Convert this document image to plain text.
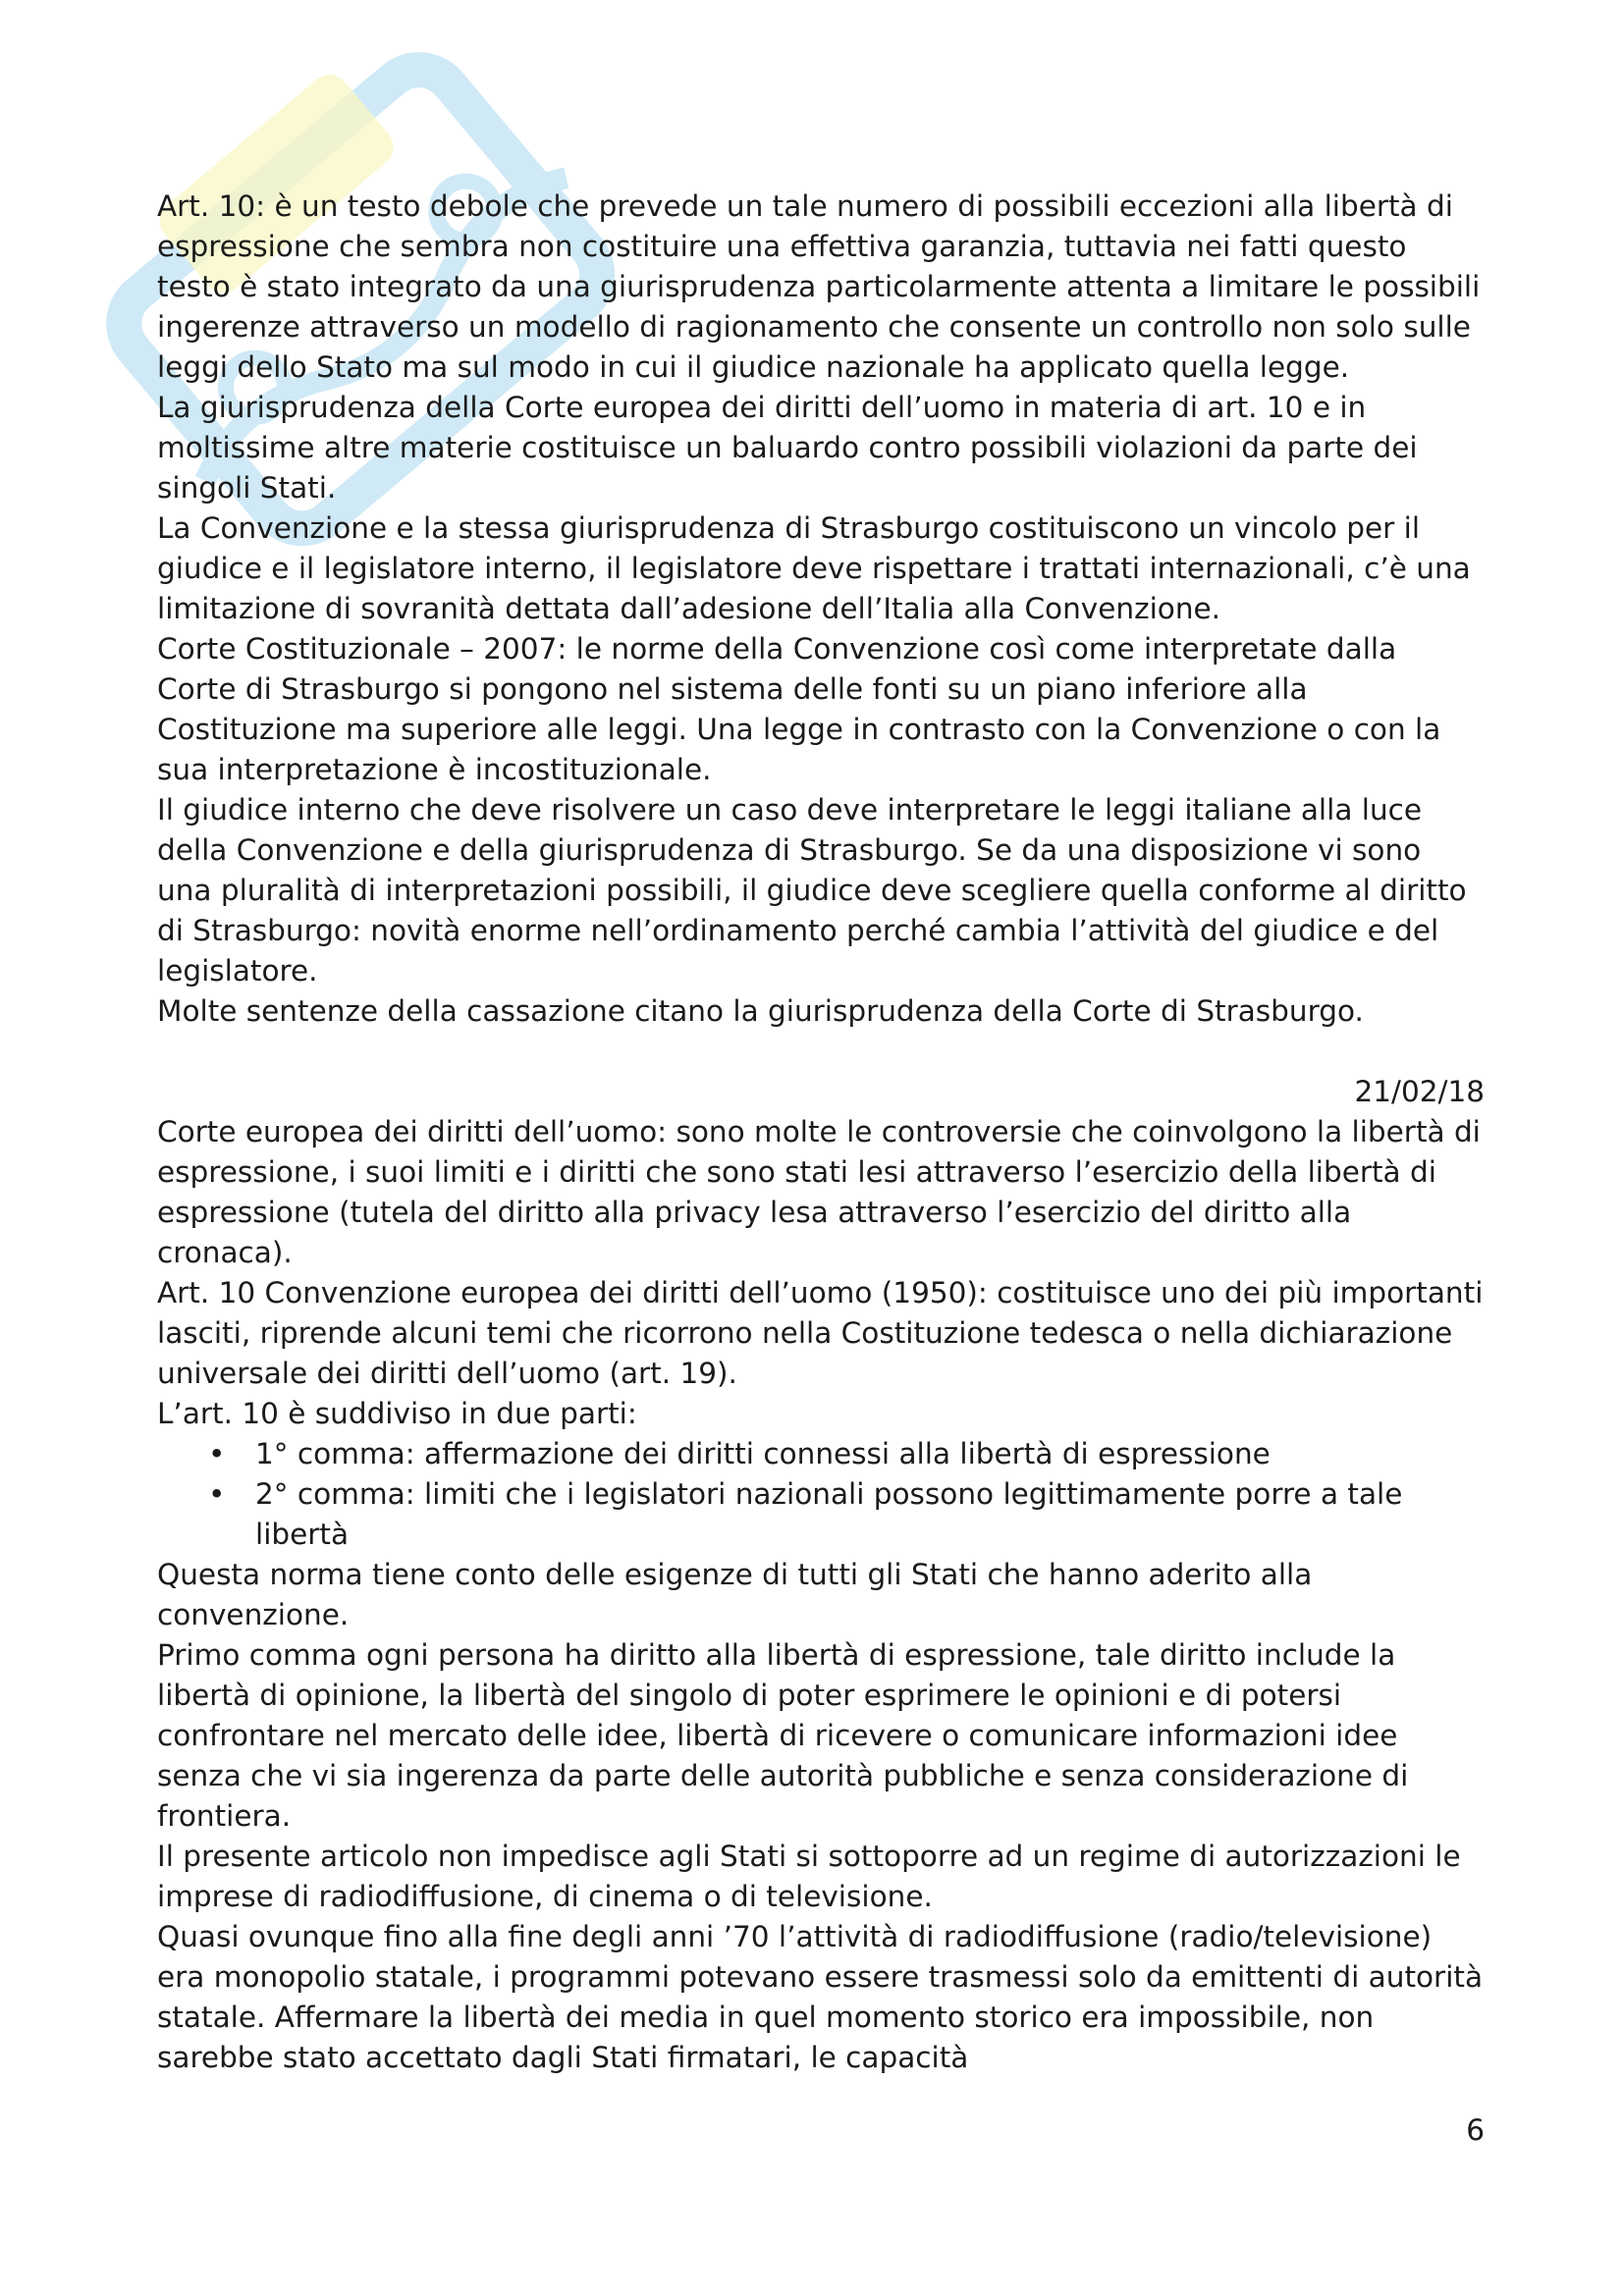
Art. 10: è un testo debole che prevede un tale numero di possibili eccezioni alla libertà di espressione che sembra non costituire una effettiva garanzia, tuttavia nei fatti questo testo è stato integrato da una giurisprudenza particolarmente attenta a limitare le possibili ingerenze attraverso un modello di ragionamento che consente un controllo non solo sulle leggi dello Stato ma sul modo in cui il giudice nazionale ha applicato quella legge.

La giurisprudenza della Corte europea dei diritti dell’uomo in materia di art. 10 e in moltissime altre materie costituisce un baluardo contro possibili violazioni da parte dei singoli Stati.

La Convenzione e la stessa giurisprudenza di Strasburgo costituiscono un vincolo per il giudice e il legislatore interno, il legislatore deve rispettare i trattati internazionali, c’è una limitazione di sovranità dettata dall’adesione dell’Italia alla Convenzione.

Corte Costituzionale – 2007: le norme della Convenzione così come interpretate dalla Corte di Strasburgo si pongono nel sistema delle fonti su un piano inferiore alla Costituzione ma superiore alle leggi. Una legge in contrasto con la Convenzione o con la sua interpretazione è incostituzionale.

Il giudice interno che deve risolvere un caso deve interpretare le leggi italiane alla luce della Convenzione e della giurisprudenza di Strasburgo. Se da una disposizione vi sono una pluralità di interpretazioni possibili, il giudice deve scegliere quella conforme al diritto di Strasburgo: novità enorme nell’ordinamento perché cambia l’attività del giudice e del legislatore.

Molte sentenze della cassazione citano la giurisprudenza della Corte di Strasburgo.

21/02/18

Corte europea dei diritti dell’uomo: sono molte le controversie che coinvolgono la libertà di espressione, i suoi limiti e i diritti che sono stati lesi attraverso l’esercizio della libertà di espressione (tutela del diritto alla privacy lesa attraverso l’esercizio del diritto alla cronaca).

Art. 10 Convenzione europea dei diritti dell’uomo (1950): costituisce uno dei più importanti lasciti, riprende alcuni temi che ricorrono nella Costituzione tedesca o nella dichiarazione universale dei diritti dell’uomo (art. 19).

L’art. 10 è suddiviso in due parti:

• 1° comma: affermazione dei diritti connessi alla libertà di espressione
• 2° comma: limiti che i legislatori nazionali possono legittimamente porre a tale libertà

Questa norma tiene conto delle esigenze di tutti gli Stati che hanno aderito alla convenzione.

Primo comma ogni persona ha diritto alla libertà di espressione, tale diritto include la libertà di opinione, la libertà del singolo di poter esprimere le opinioni e di potersi confrontare nel mercato delle idee, libertà di ricevere o comunicare informazioni idee senza che vi sia ingerenza da parte delle autorità pubbliche e senza considerazione di frontiera.

Il presente articolo non impedisce agli Stati si sottoporre ad un regime di autorizzazioni le imprese di radiodiffusione, di cinema o di televisione.

Quasi ovunque fino alla fine degli anni ’70 l’attività di radiodiffusione (radio/televisione) era monopolio statale, i programmi potevano essere trasmessi solo da emittenti di autorità statale. Affermare la libertà dei media in quel momento storico era impossibile, non sarebbe stato accettato dagli Stati firmatari, le capacità

6
